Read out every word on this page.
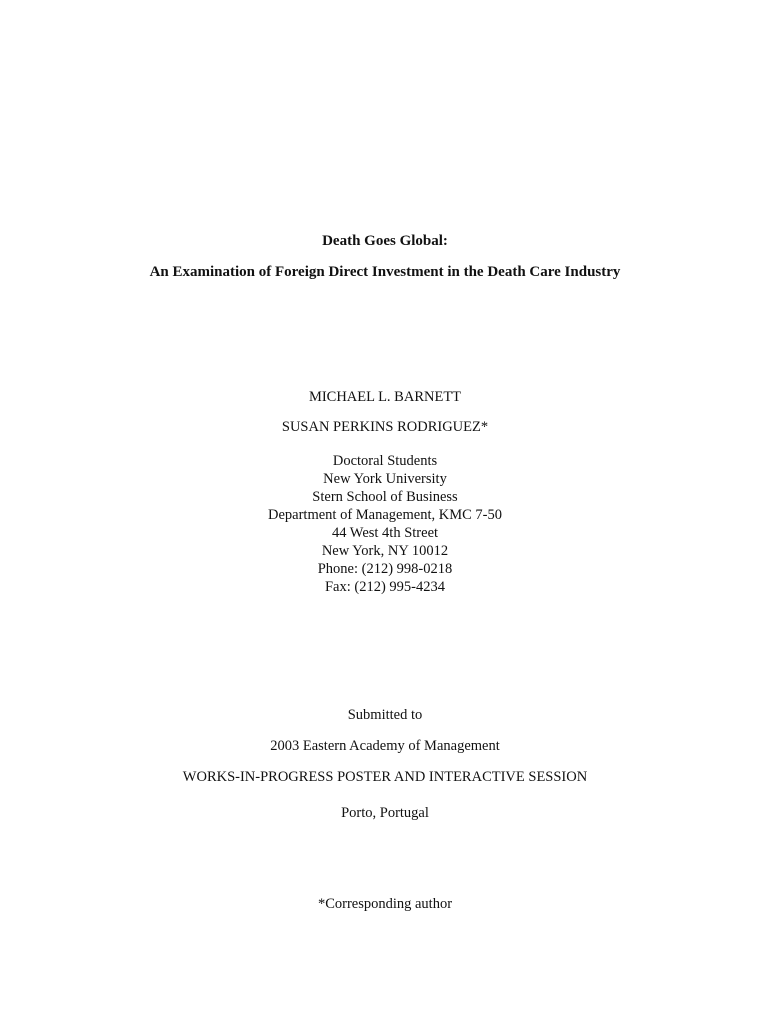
Death Goes Global:
An Examination of Foreign Direct Investment in the Death Care Industry
MICHAEL L. BARNETT
SUSAN PERKINS RODRIGUEZ*
Doctoral Students
New York University
Stern School of Business
Department of Management, KMC 7-50
44 West 4th Street
New York, NY 10012
Phone: (212) 998-0218
Fax: (212) 995-4234
Submitted to
2003 Eastern Academy of Management
WORKS-IN-PROGRESS POSTER AND INTERACTIVE SESSION
Porto, Portugal
*Corresponding author
